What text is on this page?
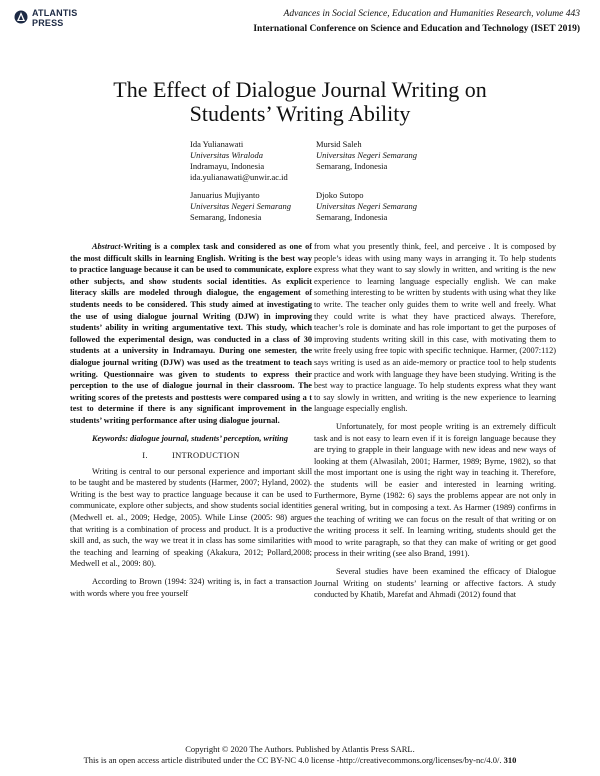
ATLANTIS
PRESS
Advances in Social Science, Education and Humanities Research, volume 443
International Conference on Science and Education and Technology (ISET 2019)
The Effect of Dialogue Journal Writing on
Students’ Writing Ability
Ida Yulianawati
Universitas Wiraloda
Indramayu, Indonesia
ida.yulianawati@unwir.ac.id
Mursid Saleh
Universitas Negeri Semarang
Semarang, Indonesia
Januarius Mujiyanto
Universitas Negeri Semarang
Semarang, Indonesia
Djoko Sutopo
Universitas Negeri Semarang
Semarang, Indonesia

Abstract-Writing is a complex task and considered as one of the most difficult skills in learning English. Writing is the best way to practice language because it can be used to communicate, explore other subjects, and show students social identities. As explicit literacy skills are modeled through dialogue, the engagement of students needs to be considered. This study aimed at investigating the use of using dialogue journal Writing (DJW) in improving students’ ability in writing argumentative text. This study, which followed the experimental design, was conducted in a class of 30 students at a university in Indramayu. During one semester, the dialogue journal writing (DJW) was used as the treatment to teach writing. Questionnaire was given to students to express their perception to the use of dialogue journal in their classroom. The writing scores of the pretests and posttests were compared using a t test to determine if there is any significant improvement in the students’ writing performance after using dialogue journal.

Keywords: dialogue journal, students’ perception, writing

I.          INTRODUCTION

Writing is central to our personal experience and important skill to be taught and be mastered by students (Harmer, 2007; Hyland, 2002). Writing is the best way to practice language because it can be used to communicate, explore other subjects, and show students social identities (Medwell et. al., 2009; Hedge, 2005). While Linse (2005: 98) argues that writing is a combination of process and product. It is a productive skill and, as such, the way we treat it in class has some similarities with the teaching and learning of speaking (Akakura, 2012; Pollard,2008; Medwell et al., 2009: 80).

According to Brown (1994: 324) writing is, in fact a transaction with words where you free yourself

from what you presently think, feel, and perceive . It is composed by people’s ideas with using many ways in arranging it. To help students express what they want to say slowly in written, and writing is the new experience to learning language especially english. We can make something interesting to be written by students with using what they like to write. The teacher only guides them to write well and freely. What they could write is what they have practiced always. Therefore, teacher’s role is dominate and has role important to get the purposes of improving students writing skill in this case, with motivating them to write freely using free topic with specific technique. Harmer, (2007:112) says writing is used as an aide-memory or practice tool to help students practice and work with language they have been studying. Writing is the best way to practice language. To help students express what they want to say slowly in written, and writing is the new experience to learning language especially english.

Unfortunately, for most people writing is an extremely difficult task and is not easy to learn even if it is foreign language because they are trying to grapple in their language with new ideas and new ways of looking at them (Alwasilah, 2001; Harmer, 1989; Byrne, 1982), so that the most important one is using the right way in teaching it. Therefore, the students will be easier and interested in learning writing. Furthermore, Byrne (1982: 6) says the problems appear are not only in general writing, but in composing a text. As Harmer (1989) confirms in the teaching of writing we can focus on the result of that writing or on the writing process it self. In learning writing, students should get the mood to write paragraph, so that they can make of writing or get good process in their writing (see also Brand, 1991).

Several studies have been examined the efficacy of Dialogue Journal Writing on students’ learning or affective factors. A study conducted by Khatib, Marefat and Ahmadi (2012) found that

Copyright © 2020 The Authors. Published by Atlantis Press SARL.
This is an open access article distributed under the CC BY-NC 4.0 license -http://creativecommons.org/licenses/by-nc/4.0/. 310
